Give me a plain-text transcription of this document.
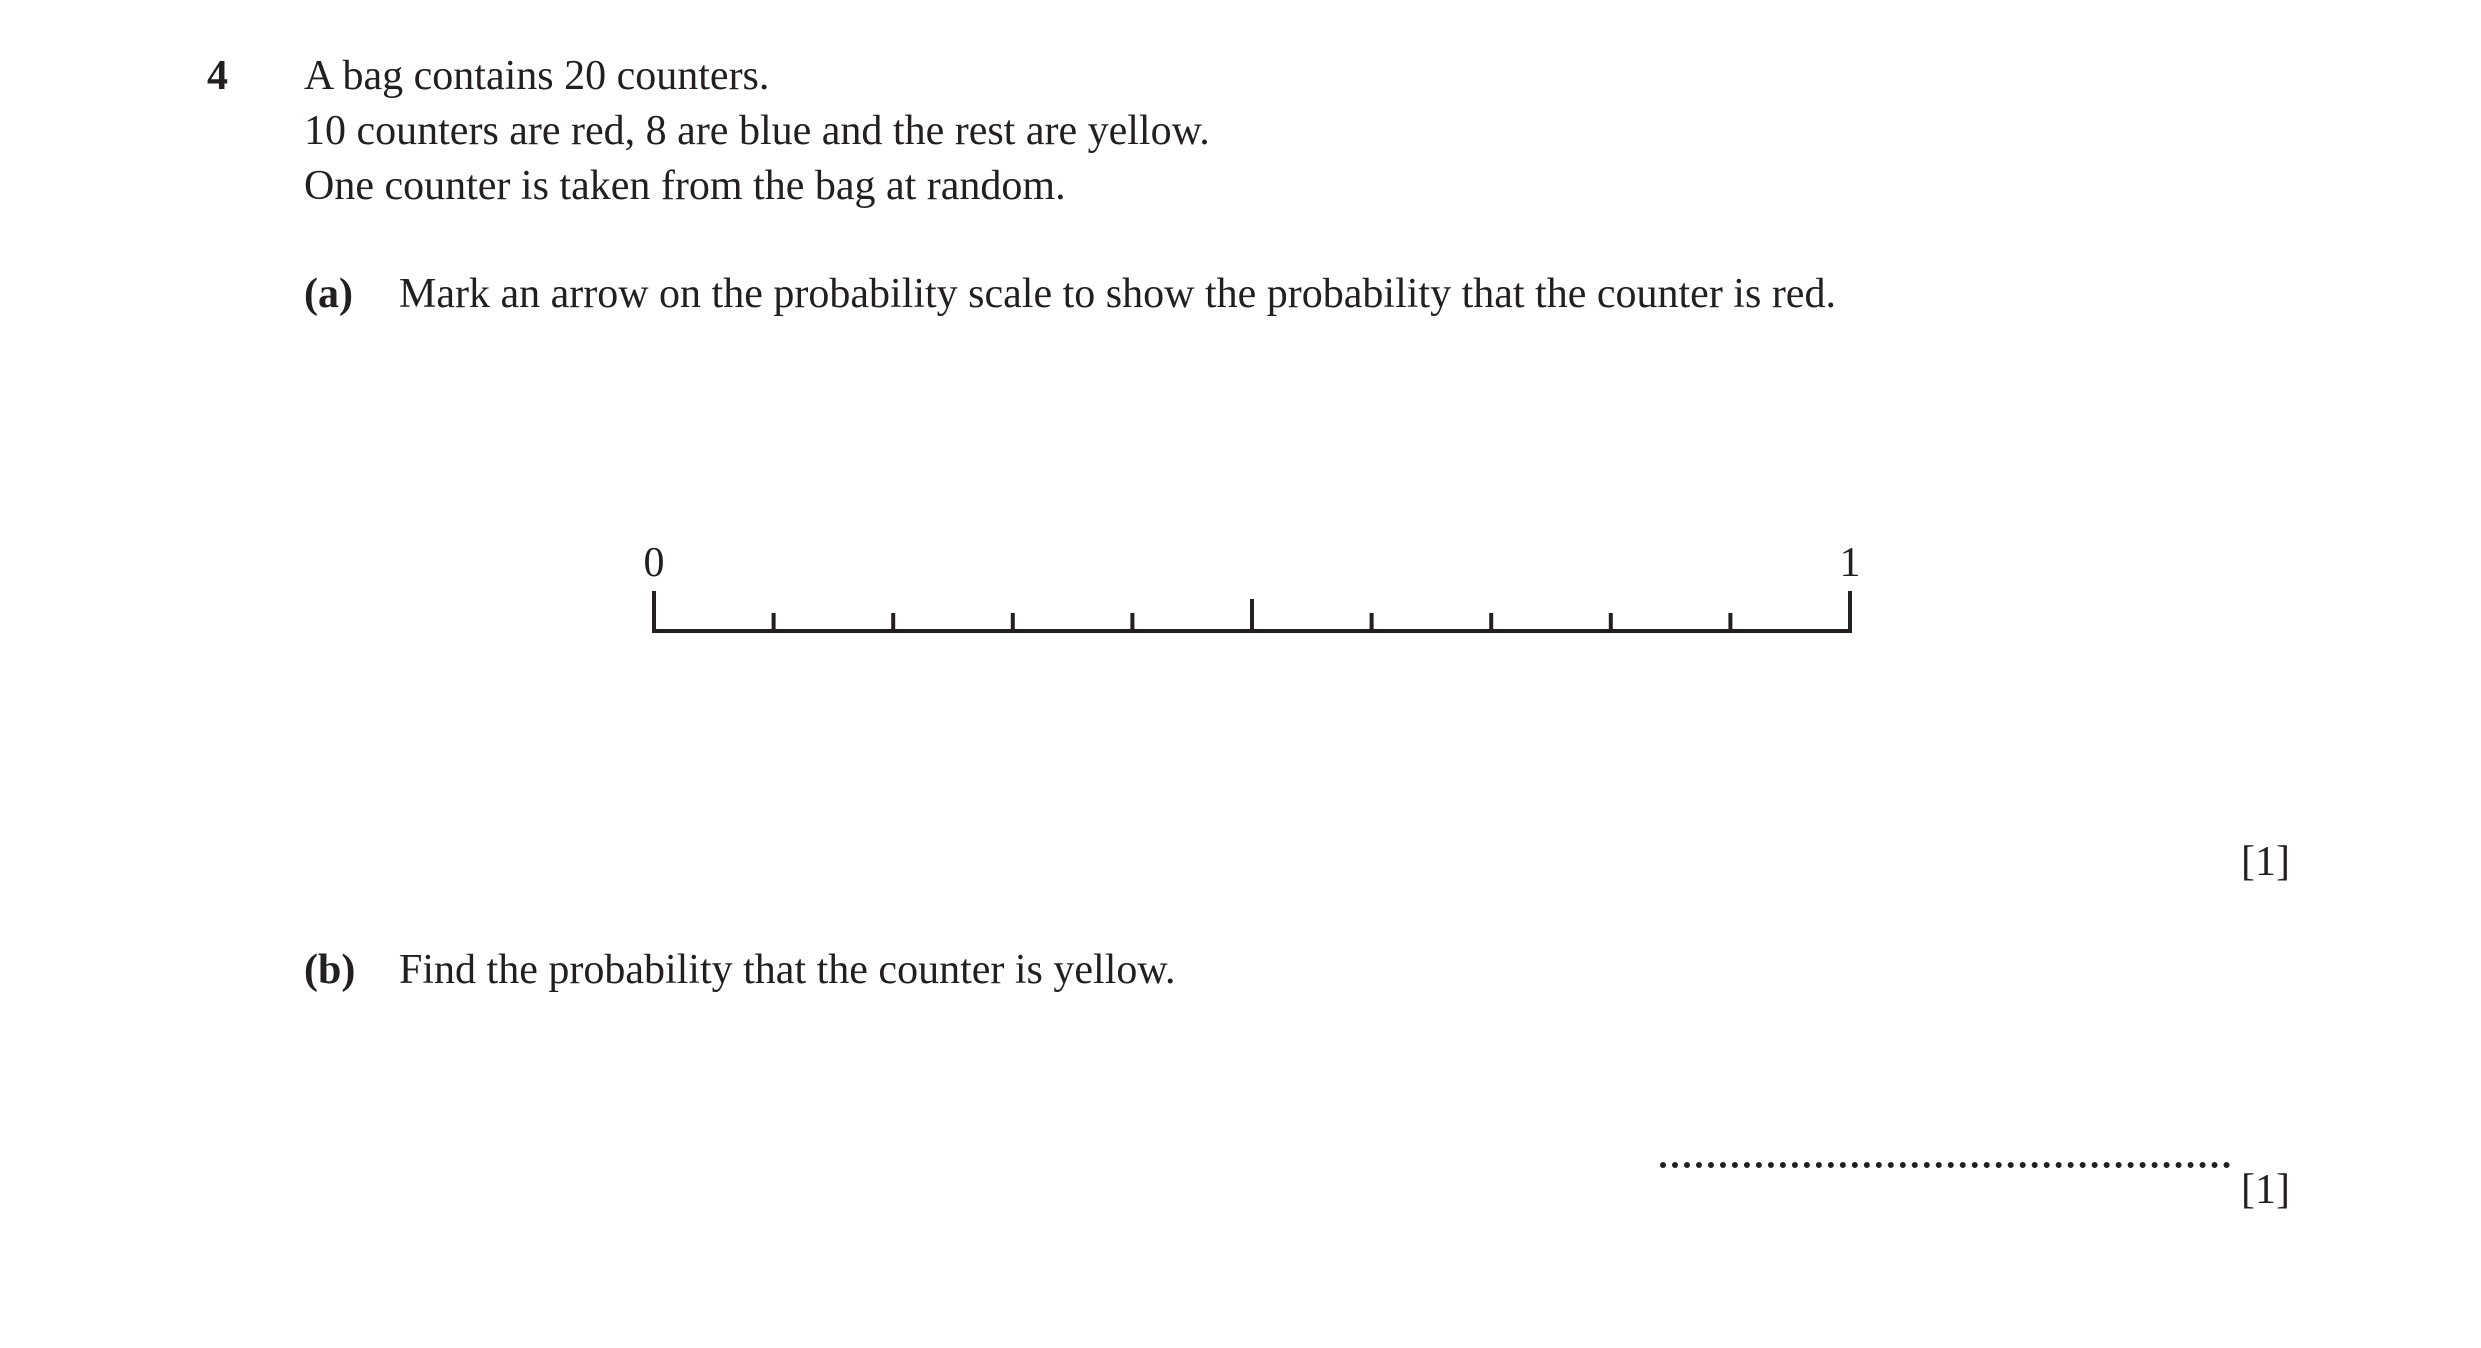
4 A bag contains 20 counters.
10 counters are red, 8 are blue and the rest are yellow.
One counter is taken from the bag at random.
(a) Mark an arrow on the probability scale to show the probability that the counter is red.
0	1
[1]
(b) Find the probability that the counter is yellow.
[1]
